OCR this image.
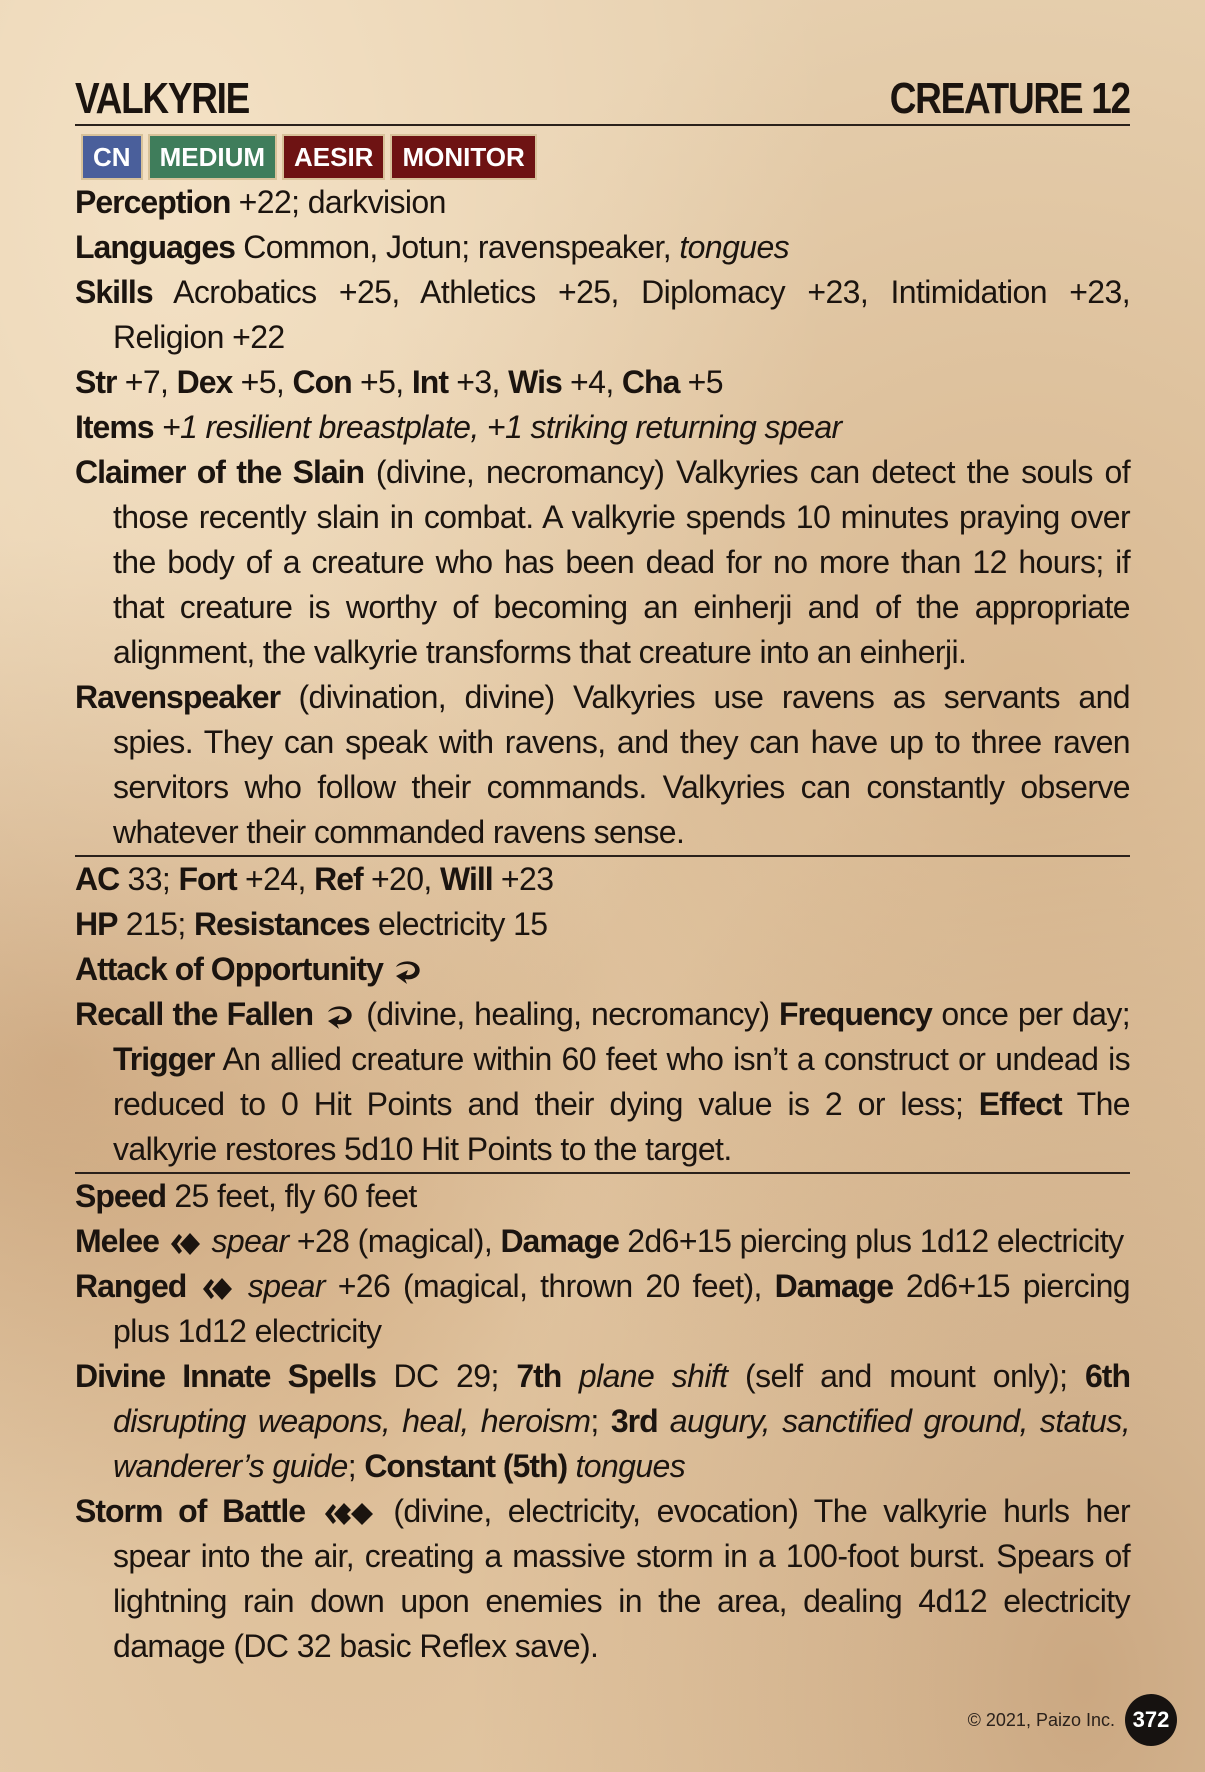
VALKYRIE	CREATURE 12
CN	MEDIUM	AESIR	MONITOR
Perception +22; darkvision
Languages Common, Jotun; ravenspeaker, tongues
Skills Acrobatics +25, Athletics +25, Diplomacy +23, Intimidation +23, Religion +22
Str +7, Dex +5, Con +5, Int +3, Wis +4, Cha +5
Items +1 resilient breastplate, +1 striking returning spear
Claimer of the Slain (divine, necromancy) Valkyries can detect the souls of those recently slain in combat. A valkyrie spends 10 minutes praying over the body of a creature who has been dead for no more than 12 hours; if that creature is worthy of becoming an einherji and of the appropriate alignment, the valkyrie transforms that creature into an einherji.
Ravenspeaker (divination, divine) Valkyries use ravens as servants and spies. They can speak with ravens, and they can have up to three raven servitors who follow their commands. Valkyries can constantly observe whatever their commanded ravens sense.
AC 33; Fort +24, Ref +20, Will +23
HP 215; Resistances electricity 15
Attack of Opportunity
Recall the Fallen (divine, healing, necromancy) Frequency once per day; Trigger An allied creature within 60 feet who isn’t a construct or undead is reduced to 0 Hit Points and their dying value is 2 or less; Effect The valkyrie restores 5d10 Hit Points to the target.
Speed 25 feet, fly 60 feet
Melee spear +28 (magical), Damage 2d6+15 piercing plus 1d12 electricity
Ranged spear +26 (magical, thrown 20 feet), Damage 2d6+15 piercing plus 1d12 electricity
Divine Innate Spells DC 29; 7th plane shift (self and mount only); 6th disrupting weapons, heal, heroism; 3rd augury, sanctified ground, status, wanderer’s guide; Constant (5th) tongues
Storm of Battle	(divine, electricity, evocation) The valkyrie hurls her spear into the air, creating a massive storm in a 100-foot burst. Spears of lightning rain down upon enemies in the area, dealing 4d12 electricity damage (DC 32 basic Reflex save).
© 2021, Paizo Inc. 372
